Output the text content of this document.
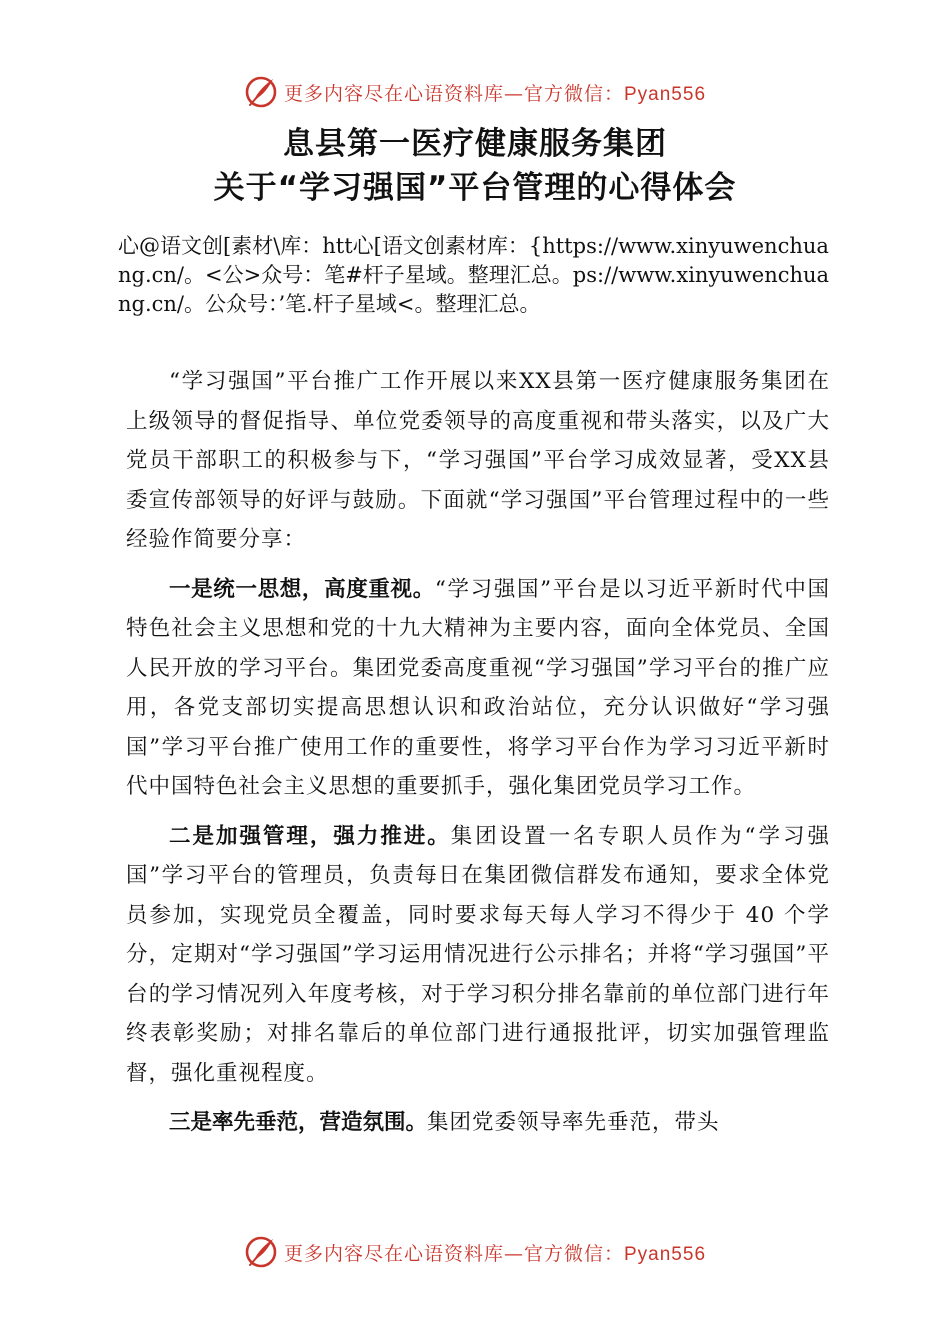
更多内容尽在心语资料库—官方微信：Pyan556
息县第一医疗健康服务集团
关于“学习强国”平台管理的心得体会
心@语文创[素材\库：htt心[语文创素材库：{https://www.xinyuwenchuang.cn/。<公>众号：笔#杆子星域。整理汇总。ps://www.xinyuwenchuang.cn/。公众号：’笔.杆子星域<。整理汇总。

“学习强国”平台推广工作开展以来XX县第一医疗健康服务集团在上级领导的督促指导、单位党委领导的高度重视和带头落实，以及广大党员干部职工的积极参与下，“学习强国”平台学习成效显著，受XX县委宣传部领导的好评与鼓励。下面就“学习强国”平台管理过程中的一些经验作简要分享：

一是统一思想，高度重视。“学习强国”平台是以习近平新时代中国特色社会主义思想和党的十九大精神为主要内容，面向全体党员、全国人民开放的学习平台。集团党委高度重视“学习强国”学习平台的推广应用，各党支部切实提高思想认识和政治站位，充分认识做好“学习强国”学习平台推广使用工作的重要性，将学习平台作为学习习近平新时代中国特色社会主义思想的重要抓手，强化集团党员学习工作。

二是加强管理，强力推进。集团设置一名专职人员作为“学习强国”学习平台的管理员，负责每日在集团微信群发布通知，要求全体党员参加，实现党员全覆盖，同时要求每天每人学习不得少于 40 个学分，定期对“学习强国”学习运用情况进行公示排名；并将“学习强国”平台的学习情况列入年度考核，对于学习积分排名靠前的单位部门进行年终表彰奖励；对排名靠后的单位部门进行通报批评，切实加强管理监督，强化重视程度。

三是率先垂范，营造氛围。集团党委领导率先垂范，带头

更多内容尽在心语资料库—官方微信：Pyan556
